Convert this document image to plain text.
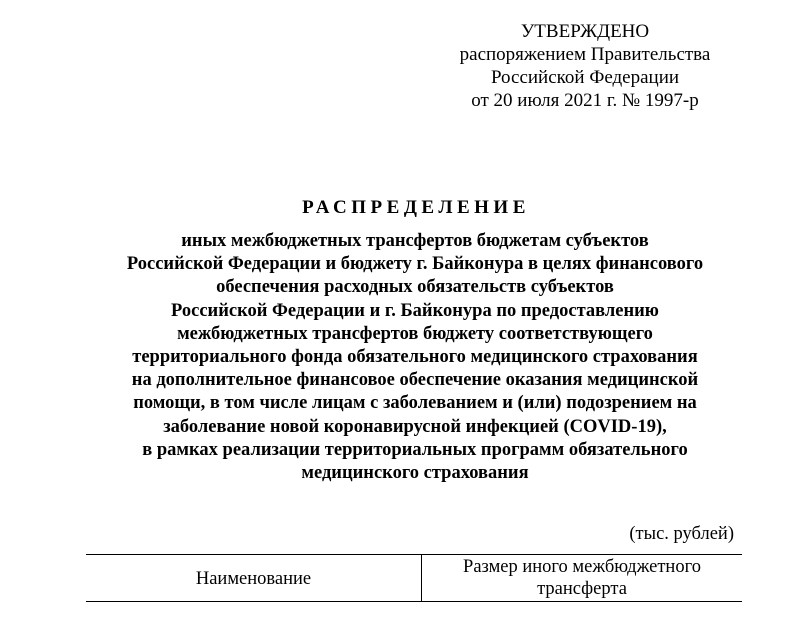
УТВЕРЖДЕНО
распоряжением Правительства
Российской Федерации
от 20 июля 2021 г. № 1997-р
РАСПРЕДЕЛЕНИЕ
иных межбюджетных трансфертов бюджетам субъектов
Российской Федерации и бюджету г. Байконура в целях финансового
обеспечения расходных обязательств субъектов
Российской Федерации и г. Байконура по предоставлению
межбюджетных трансфертов бюджету соответствующего
территориального фонда обязательного медицинского страхования
на дополнительное финансовое обеспечение оказания медицинской
помощи, в том числе лицам с заболеванием и (или) подозрением на
заболевание новой коронавирусной инфекцией (COVID-19),
в рамках реализации территориальных программ обязательного
медицинского страхования
(тыс. рублей)
Наименование
Размер иного межбюджетного
трансферта
